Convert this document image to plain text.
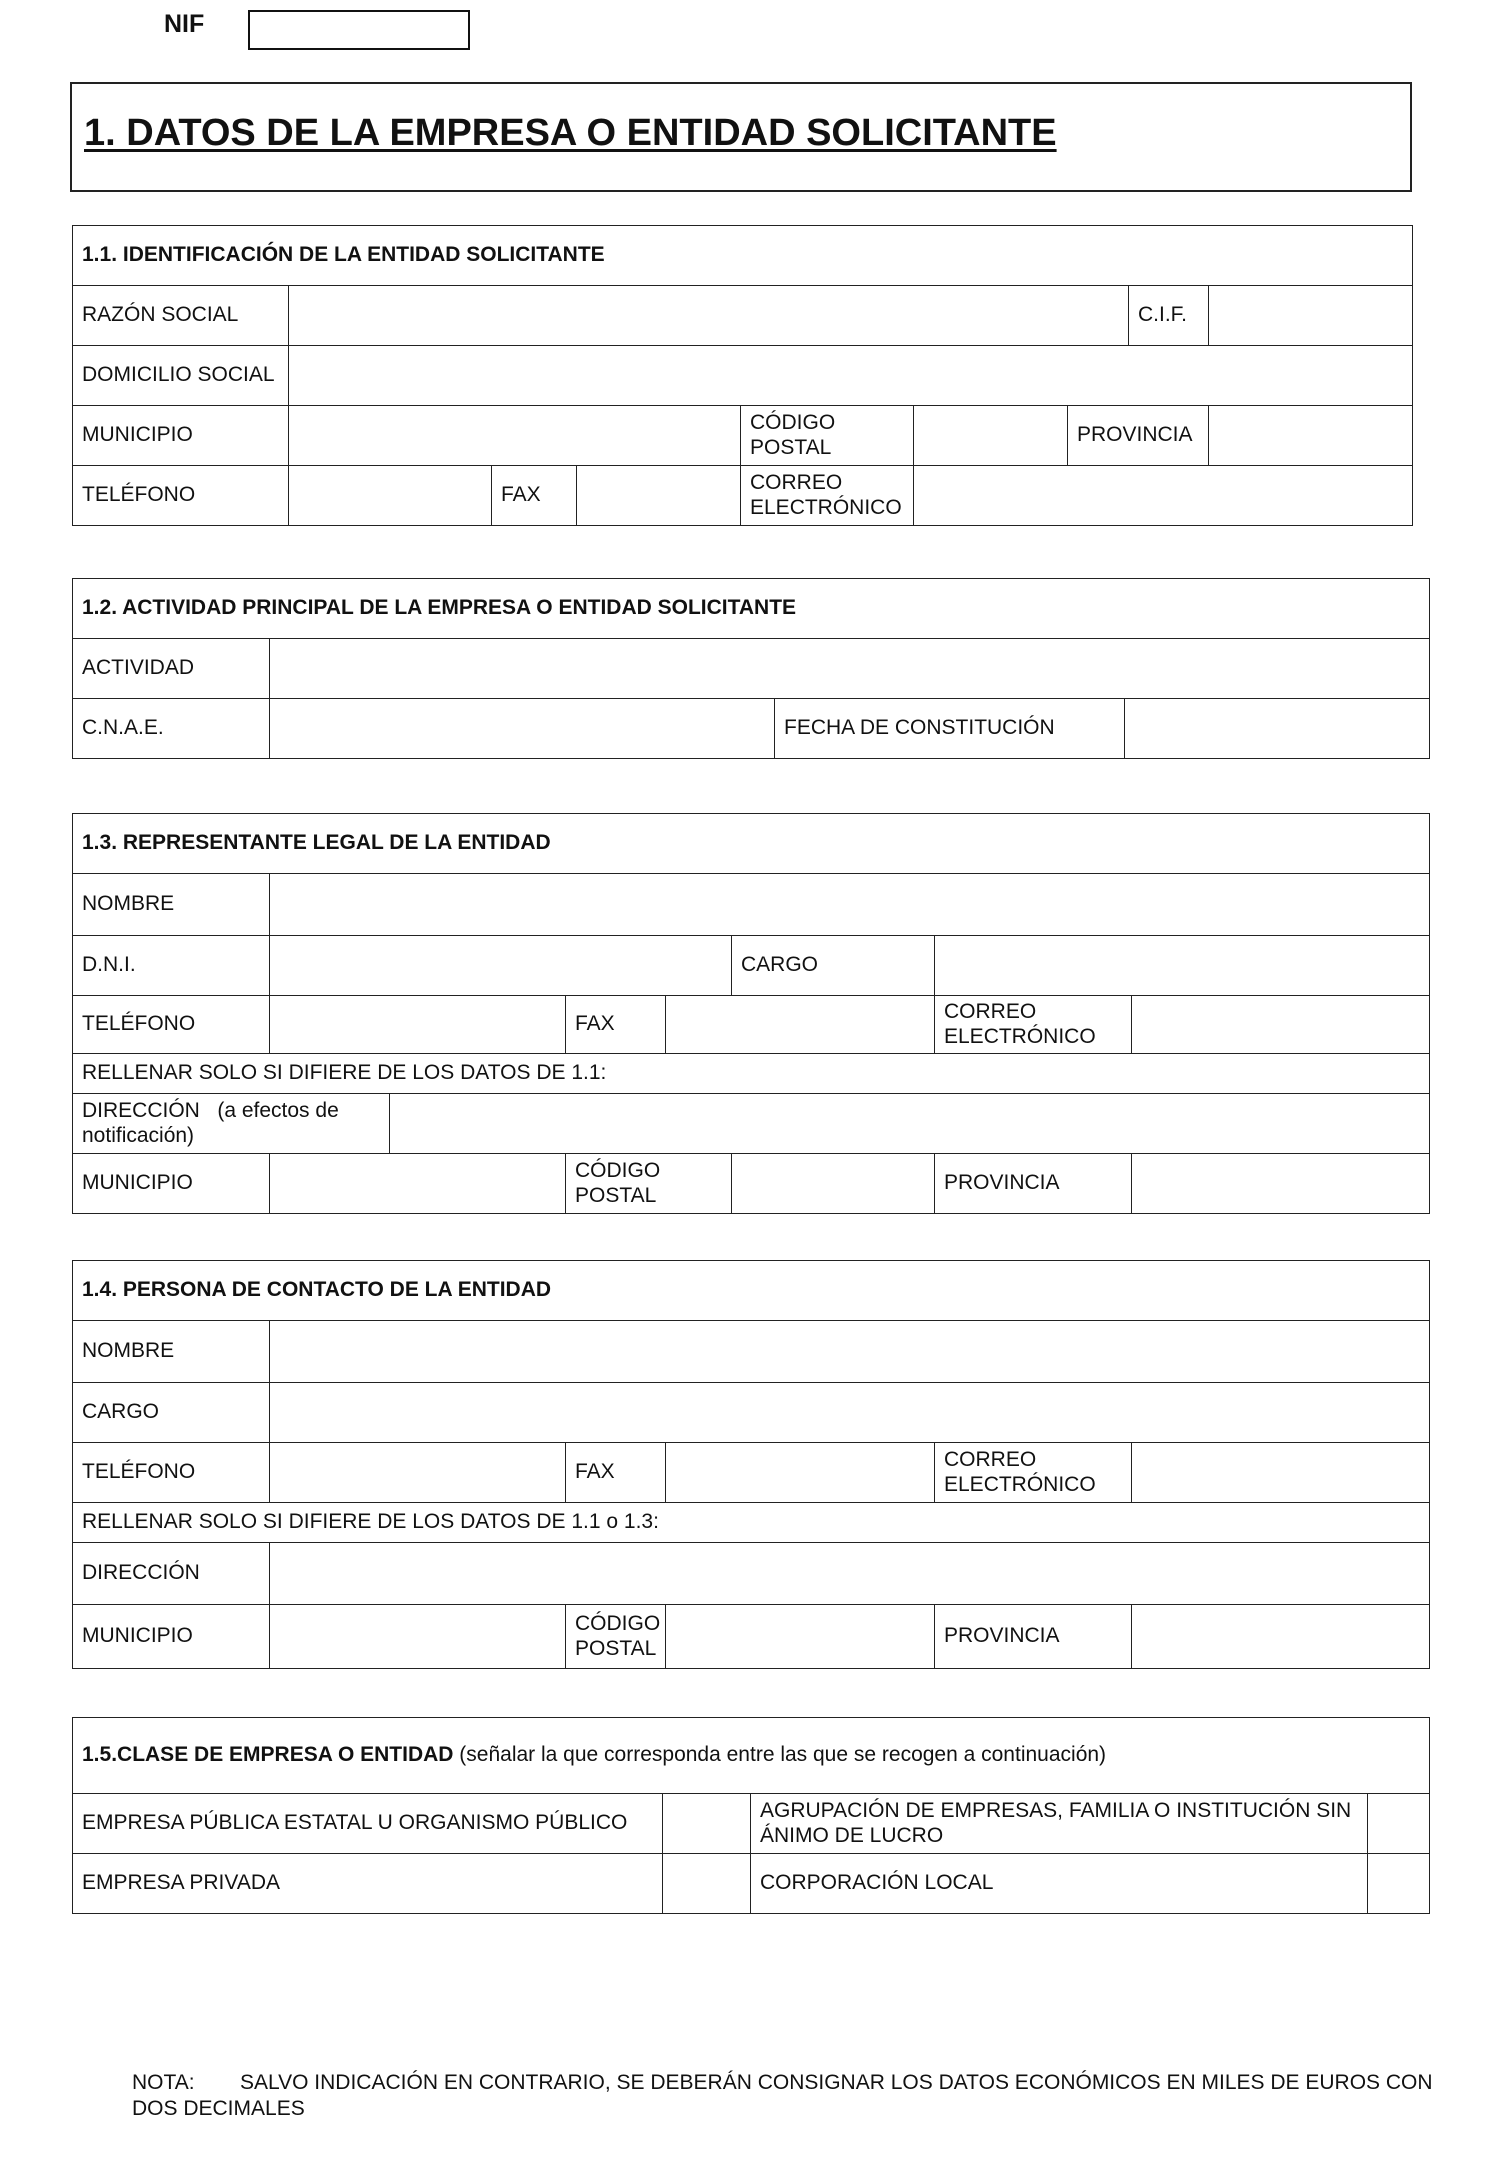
NIF
1. DATOS DE LA EMPRESA O ENTIDAD SOLICITANTE
1.1. IDENTIFICACIÓN DE LA ENTIDAD SOLICITANTE								
RAZÓN SOCIAL							C.I.F.	
DOMICILIO SOCIAL								
MUNICIPIO				CÓDIGO POSTAL		PROVINCIA		
TELÉFONO		FAX		CORREO ELECTRÓNICO				
1.2. ACTIVIDAD PRINCIPAL DE LA EMPRESA O ENTIDAD SOLICITANTE			
ACTIVIDAD			
C.N.A.E.		FECHA DE CONSTITUCIÓN	
1.3. REPRESENTANTE LEGAL DE LA ENTIDAD							
NOMBRE							
D.N.I.					CARGO		
TELÉFONO			FAX			CORREO ELECTRÓNICO	
RELLENAR SOLO SI DIFIERE DE LOS DATOS DE 1.1:							
DIRECCIÓN   (a efectos de notificación)							
MUNICIPIO			CÓDIGO POSTAL			PROVINCIA	
1.4. PERSONA DE CONTACTO DE LA ENTIDAD					
NOMBRE					
CARGO					
TELÉFONO		FAX		CORREO ELECTRÓNICO	
RELLENAR SOLO SI DIFIERE DE LOS DATOS DE 1.1 o 1.3:					
DIRECCIÓN					
MUNICIPIO		CÓDIGO POSTAL		PROVINCIA	
1.5.CLASE DE EMPRESA O ENTIDAD (señalar la que corresponda entre las que se recogen a continuación)			
EMPRESA PÚBLICA ESTATAL U ORGANISMO PÚBLICO		AGRUPACIÓN DE EMPRESAS, FAMILIA O INSTITUCIÓN SIN ÁNIMO DE LUCRO	
EMPRESA PRIVADA		CORPORACIÓN LOCAL	
NOTA: SALVO INDICACIÓN EN CONTRARIO, SE DEBERÁN CONSIGNAR LOS DATOS ECONÓMICOS EN MILES DE EUROS CON DOS DECIMALES
